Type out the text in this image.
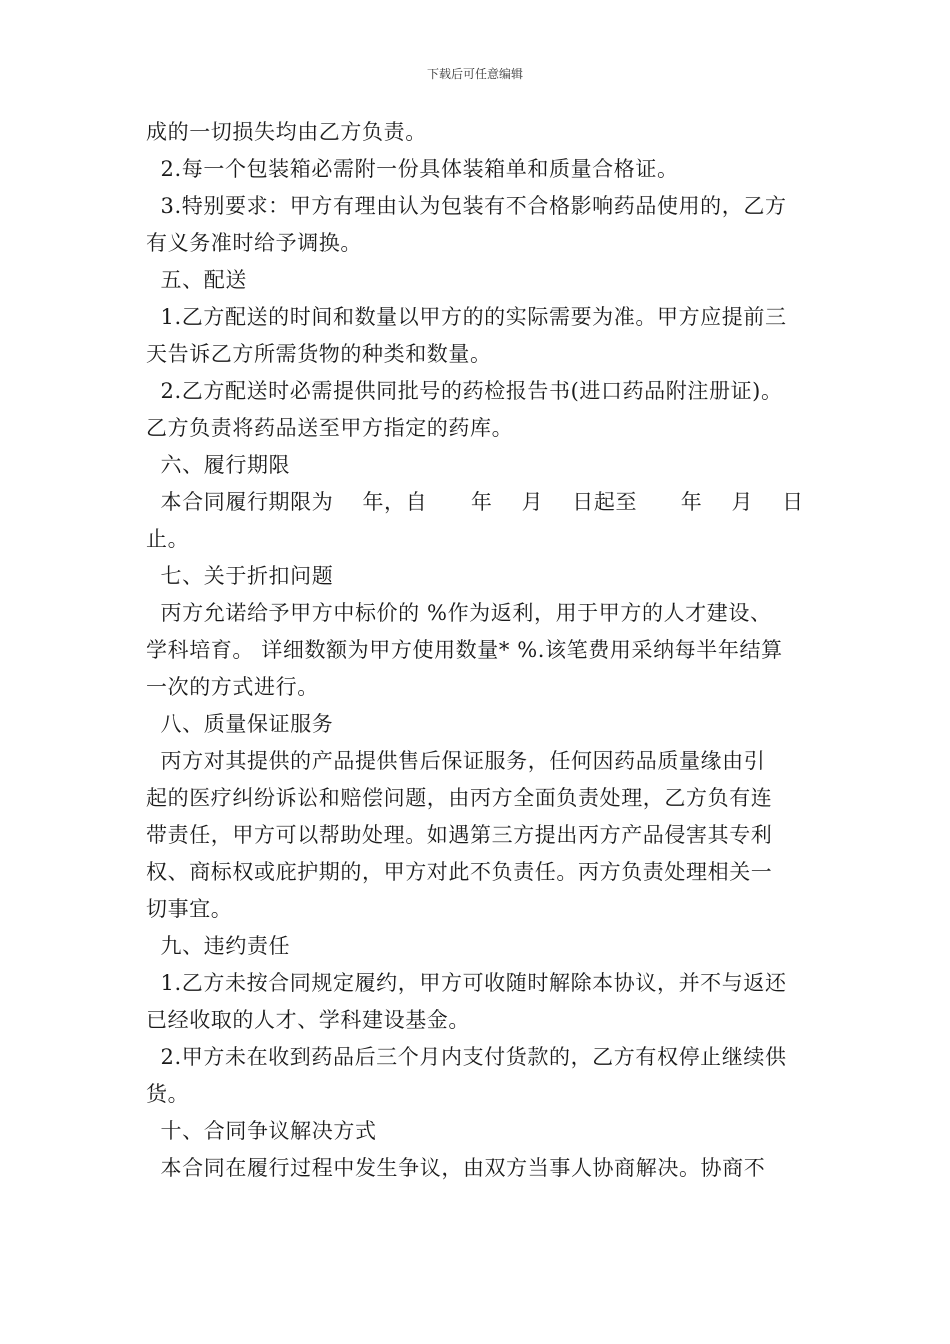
下载后可任意编辑
成的一切损失均由乙方负责。
2.每一个包装箱必需附一份具体装箱单和质量合格证。
3.特别要求：甲方有理由认为包装有不合格影响药品使用的，乙方
有义务准时给予调换。
五、配送
1.乙方配送的时间和数量以甲方的的实际需要为准。甲方应提前三
天告诉乙方所需货物的种类和数量。
2.乙方配送时必需提供同批号的药检报告书(进口药品附注册证)。
乙方负责将药品送至甲方指定的药库。
六、履行期限
本合同履行期限为    年，自      年    月    日起至      年    月    日
止。
七、关于折扣问题
丙方允诺给予甲方中标价的 %作为返利，用于甲方的人才建设、
学科培育。 详细数额为甲方使用数量* %.该笔费用采纳每半年结算
一次的方式进行。
八、质量保证服务
丙方对其提供的产品提供售后保证服务，任何因药品质量缘由引
起的医疗纠纷诉讼和赔偿问题，由丙方全面负责处理，乙方负有连
带责任，甲方可以帮助处理。如遇第三方提出丙方产品侵害其专利
权、商标权或庇护期的，甲方对此不负责任。丙方负责处理相关一
切事宜。
九、违约责任
1.乙方未按合同规定履约，甲方可收随时解除本协议，并不与返还
已经收取的人才、学科建设基金。
2.甲方未在收到药品后三个月内支付货款的，乙方有权停止继续供
货。
十、合同争议解决方式
本合同在履行过程中发生争议，由双方当事人协商解决。协商不
